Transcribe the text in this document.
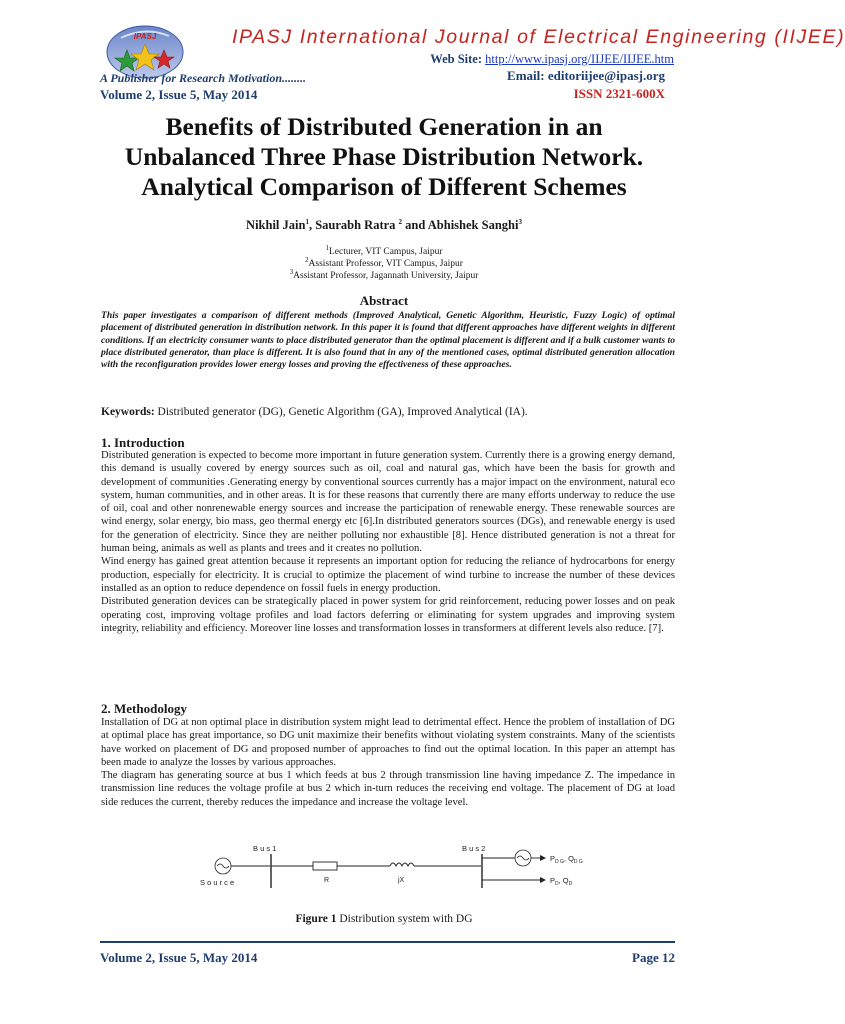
IPASJ	IPASJ International Journal of Electrical Engineering (IIJEE)
Web Site: http://www.ipasj.org/IIJEE/IIJEE.htm
A Publisher for Research Motivation........	Email: editoriijee@ipasj.org
Volume 2, Issue 5, May 2014	ISSN 2321-600X
Benefits of Distributed Generation in an
Unbalanced Three Phase Distribution Network.
Analytical Comparison of Different Schemes
Nikhil Jain$^1$, Saurabh Ratra $^2$ and Abhishek Sanghi$^3$
$^1$Lecturer, VIT Campus, Jaipur
$^2$Assistant Professor, VIT Campus, Jaipur
$^3$Assistant Professor, Jagannath University, Jaipur
Abstract
This paper investigates a comparison of different methods (Improved Analytical, Genetic Algorithm, Heuristic, Fuzzy Logic) of optimal placement of distributed generation in distribution network. In this paper it is found that different approaches have different weights in different conditions. If an electricity consumer wants to place distributed generator than the optimal placement is different and if a bulk customer wants to place distributed generator, than place is different. It is also found that in any of the mentioned cases, optimal distributed generation allocation with the reconfiguration provides lower energy losses and proving the effectiveness of these approaches.
Keywords: Distributed generator (DG), Genetic Algorithm (GA), Improved Analytical (IA).
1. Introduction

Distributed generation is expected to become more important in future generation system. Currently there is a growing energy demand, this demand is usually covered by energy sources such as oil, coal and natural gas, which have been the basis for growth and development of communities .Generating energy by conventional sources currently has a major impact on the environment, natural eco system, human communities, and in other areas. It is for these reasons that currently there are many efforts underway to reduce the use of oil, coal and other nonrenewable energy sources and increase the participation of renewable energy. These renewable sources are wind energy, solar energy, bio mass, geo thermal energy etc [6].In distributed generators sources (DGs), and renewable energy is used for the generation of electricity. Since they are neither polluting nor exhaustible [8]. Hence distributed generation is not a threat for human being, animals as well as plants and trees and it creates no pollution.

Wind energy has gained great attention because it represents an important option for reducing the reliance of hydrocarbons for energy production, especially for electricity. It is crucial to optimize the placement of wind turbine to increase the number of these devices installed as an option to reduce dependence on fossil fuels in energy production.

Distributed generation devices can be strategically placed in power system for grid reinforcement, reducing power losses and on peak operating cost, improving voltage profiles and load factors deferring or eliminating for system upgrades and improving system integrity, reliability and efficiency. Moreover line losses and transformation losses in transformers at different levels also reduce. [7].

2. Methodology

Installation of DG at non optimal place in distribution system might lead to detrimental effect. Hence the problem of installation of DG at optimal place has great importance, so DG unit maximize their benefits without violating system constraints. Many of the scientists have worked on placement of DG and proposed number of approaches to find out the optimal location. In this paper an attempt has been made to analyze the losses by various approaches.

The diagram has generating source at bus 1 which feeds at bus 2 through transmission line having impedance Z. The impedance in transmission line reduces the voltage profile at bus 2 which in-turn reduces the receiving end voltage. The placement of DG at load side reduces the current, thereby reduces the impedance and increase the voltage level.

B u s 1	B u s 2
S o u r c e	R	jX
$P_{D G}$, $Q_{D G}$
$P_D$, $Q_D$
Figure 1 Distribution system with DG
Volume 2, Issue 5, May 2014	Page 12
